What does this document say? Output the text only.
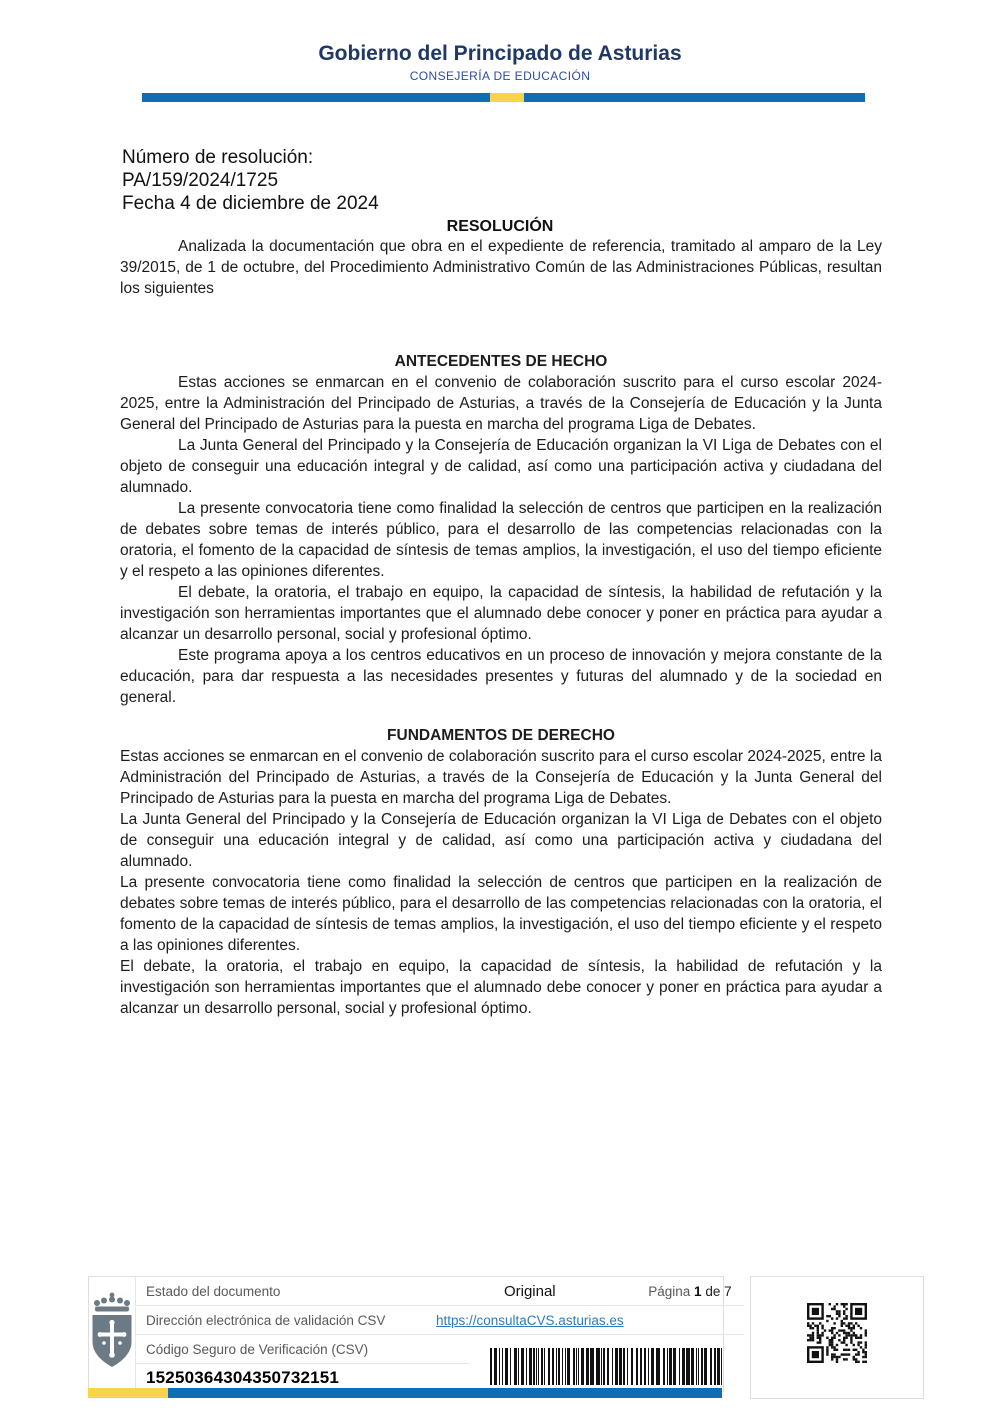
Gobierno del Principado de Asturias
CONSEJERÍA DE EDUCACIÓN
Número de resolución:
PA/159/2024/1725
Fecha 4 de diciembre de 2024
RESOLUCIÓN

Analizada la documentación que obra en el expediente de referencia, tramitado al amparo de la Ley 39/2015, de 1 de octubre, del Procedimiento Administrativo Común de las Administraciones Públicas, resultan los siguientes

ANTECEDENTES DE HECHO

Estas acciones se enmarcan en el convenio de colaboración suscrito para el curso escolar 2024-2025, entre la Administración del Principado de Asturias, a través de la Consejería de Educación y la Junta General del Principado de Asturias para la puesta en marcha del programa Liga de Debates.

La Junta General del Principado y la Consejería de Educación organizan la VI Liga de Debates con el objeto de conseguir una educación integral y de calidad, así como una participación activa y ciudadana del alumnado.

La presente convocatoria tiene como finalidad la selección de centros que participen en la realización de debates sobre temas de interés público, para el desarrollo de las competencias relacionadas con la oratoria, el fomento de la capacidad de síntesis de temas amplios, la investigación, el uso del tiempo eficiente y el respeto a las opiniones diferentes.

El debate, la oratoria, el trabajo en equipo, la capacidad de síntesis, la habilidad de refutación y la investigación son herramientas importantes que el alumnado debe conocer y poner en práctica para ayudar a alcanzar un desarrollo personal, social y profesional óptimo.

Este programa apoya a los centros educativos en un proceso de innovación y mejora constante de la educación, para dar respuesta a las necesidades presentes y futuras del alumnado y de la sociedad en general.

FUNDAMENTOS DE DERECHO

Estas acciones se enmarcan en el convenio de colaboración suscrito para el curso escolar 2024-2025, entre la Administración del Principado de Asturias, a través de la Consejería de Educación y la Junta General del Principado de Asturias para la puesta en marcha del programa Liga de Debates.

La Junta General del Principado y la Consejería de Educación organizan la VI Liga de Debates con el objeto de conseguir una educación integral y de calidad, así como una participación activa y ciudadana del alumnado.

La presente convocatoria tiene como finalidad la selección de centros que participen en la realización de debates sobre temas de interés público, para el desarrollo de las competencias relacionadas con la oratoria, el fomento de la capacidad de síntesis de temas amplios, la investigación, el uso del tiempo eficiente y el respeto a las opiniones diferentes.

El debate, la oratoria, el trabajo en equipo, la capacidad de síntesis, la habilidad de refutación y la investigación son herramientas importantes que el alumnado debe conocer y poner en práctica para ayudar a alcanzar un desarrollo personal, social y profesional óptimo.

Estado del documento	Original	Página 1 de 7
Dirección electrónica de validación CSV	https://consultaCVS.asturias.es
Código Seguro de Verificación (CSV)
15250364304350732151
